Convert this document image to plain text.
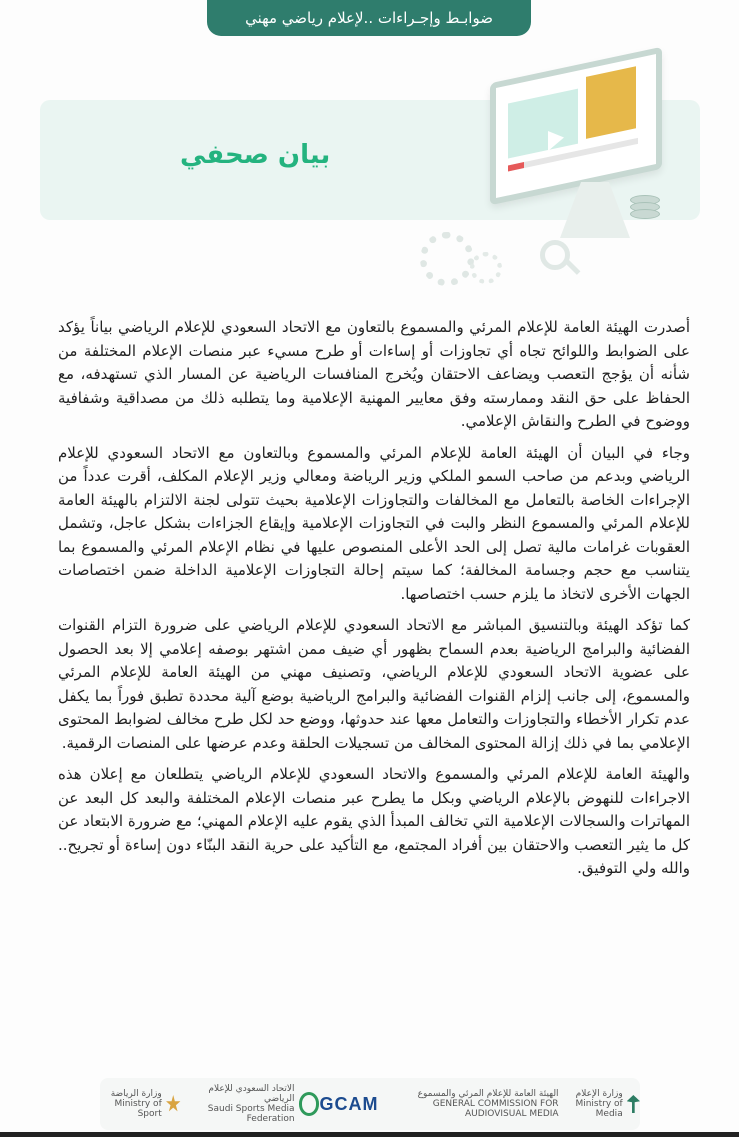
ضوابـط وإجـراءات ..لإعلام رياضي مهني
بيان صحفي

أصدرت الهيئة العامة للإعلام المرئي والمسموع بالتعاون مع الاتحاد السعودي للإعلام الرياضي بياناً يؤكد على الضوابط واللوائح تجاه أي تجاوزات أو إساءات أو طرح مسيء عبر منصات الإعلام المختلفة من شأنه أن يؤجج التعصب ويضاعف الاحتقان ويُخرج المنافسات الرياضية عن المسار الذي تستهدفه، مع الحفاظ على حق النقد وممارسته وفق معايير المهنية الإعلامية وما يتطلبه ذلك من مصداقية وشفافية ووضوح في الطرح والنقاش الإعلامي.

وجاء في البيان أن الهيئة العامة للإعلام المرئي والمسموع وبالتعاون مع الاتحاد السعودي للإعلام الرياضي وبدعم من صاحب السمو الملكي وزير الرياضة ومعالي وزير الإعلام المكلف، أقرت عدداً من الإجراءات الخاصة بالتعامل مع المخالفات والتجاوزات الإعلامية بحيث تتولى لجنة الالتزام بالهيئة العامة للإعلام المرئي والمسموع النظر والبت في التجاوزات الإعلامية وإيقاع الجزاءات بشكل عاجل، وتشمل العقوبات غرامات مالية تصل إلى الحد الأعلى المنصوص عليها في نظام الإعلام المرئي والمسموع بما يتناسب مع حجم وجسامة المخالفة؛ كما سيتم إحالة التجاوزات الإعلامية الداخلة ضمن اختصاصات الجهات الأخرى لاتخاذ ما يلزم حسب اختصاصها.

كما تؤكد الهيئة وبالتنسيق المباشر مع الاتحاد السعودي للإعلام الرياضي على ضرورة التزام القنوات الفضائية والبرامج الرياضية بعدم السماح بظهور أي ضيف ممن اشتهر بوصفه إعلامي إلا بعد الحصول على عضوية الاتحاد السعودي للإعلام الرياضي، وتصنيف مهني من الهيئة العامة للإعلام المرئي والمسموع، إلى جانب إلزام القنوات الفضائية والبرامج الرياضية بوضع آلية محددة تطبق فوراً بما يكفل عدم تكرار الأخطاء والتجاوزات والتعامل معها عند حدوثها، ووضع حد لكل طرح مخالف لضوابط المحتوى الإعلامي بما في ذلك إزالة المحتوى المخالف من تسجيلات الحلقة وعدم عرضها على المنصات الرقمية.

والهيئة العامة للإعلام المرئي والمسموع والاتحاد السعودي للإعلام الرياضي يتطلعان مع إعلان هذه الاجراءات للنهوض بالإعلام الرياضي وبكل ما يطرح عبر منصات الإعلام المختلفة والبعد كل البعد عن المهاترات والسجالات الإعلامية التي تخالف المبدأ الذي يقوم عليه الإعلام المهني؛ مع ضرورة الابتعاد عن كل ما يثير التعصب والاحتقان بين أفراد المجتمع، مع التأكيد على حرية النقد البنّاء دون إساءة أو تجريح.. والله ولي التوفيق.

وزارة الرياضة
Ministry of Sport
الاتحاد السعودي للإعلام الرياضي
Saudi Sports Media Federation
الهيئة العامة للإعلام المرئي والمسموع
GENERAL COMMISSION FOR AUDIOVISUAL MEDIA
GCAM	وزارة الإعلام
Ministry of Media
